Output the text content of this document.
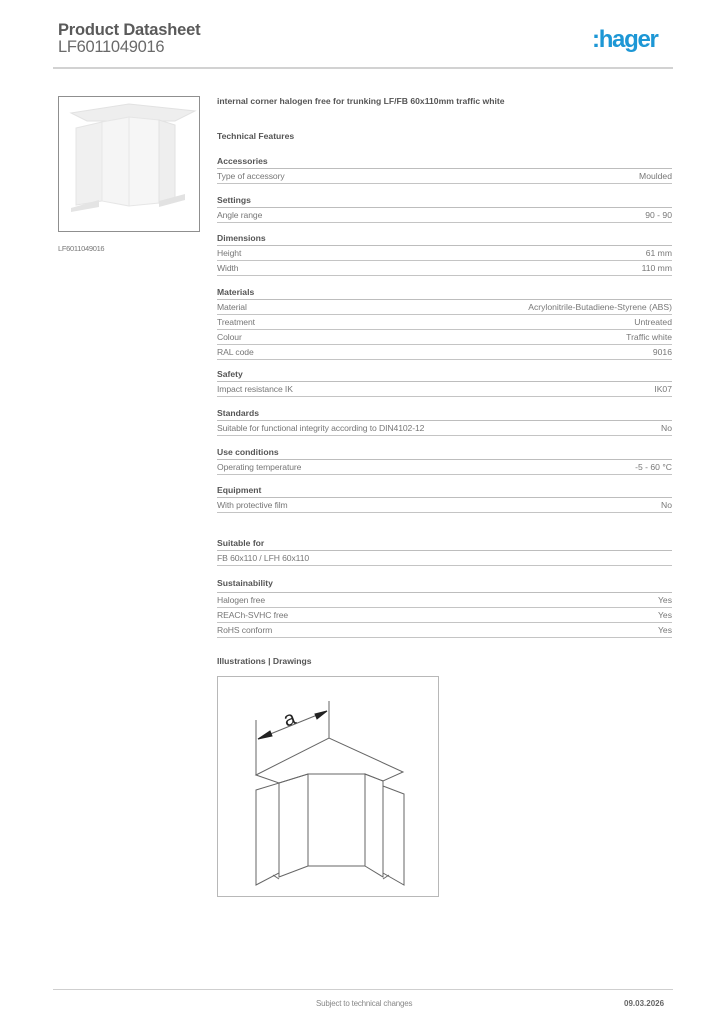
Product Datasheet
LF6011049016	:hager
LF6011049016
internal corner halogen free for trunking LF/FB 60x110mm traffic white
Technical Features
Accessories
Type of accessory	Moulded
Settings
Angle range	90 - 90
Dimensions
Height	61 mm
Width	110 mm
Materials
Material	Acrylonitrile-Butadiene-Styrene (ABS)
Treatment	Untreated
Colour	Traffic white
RAL code	9016
Safety
Impact resistance IK	IK07
Standards
Suitable for functional integrity according to DIN4102-12	No
Use conditions
Operating temperature	-5 - 60 °C
Equipment
With protective film	No
Suitable for
FB 60x110 / LFH 60x110
Sustainability
Halogen free	Yes
REACh-SVHC free	Yes
RoHS conform	Yes
Illustrations | Drawings
a
Subject to technical changes	09.03.2026
